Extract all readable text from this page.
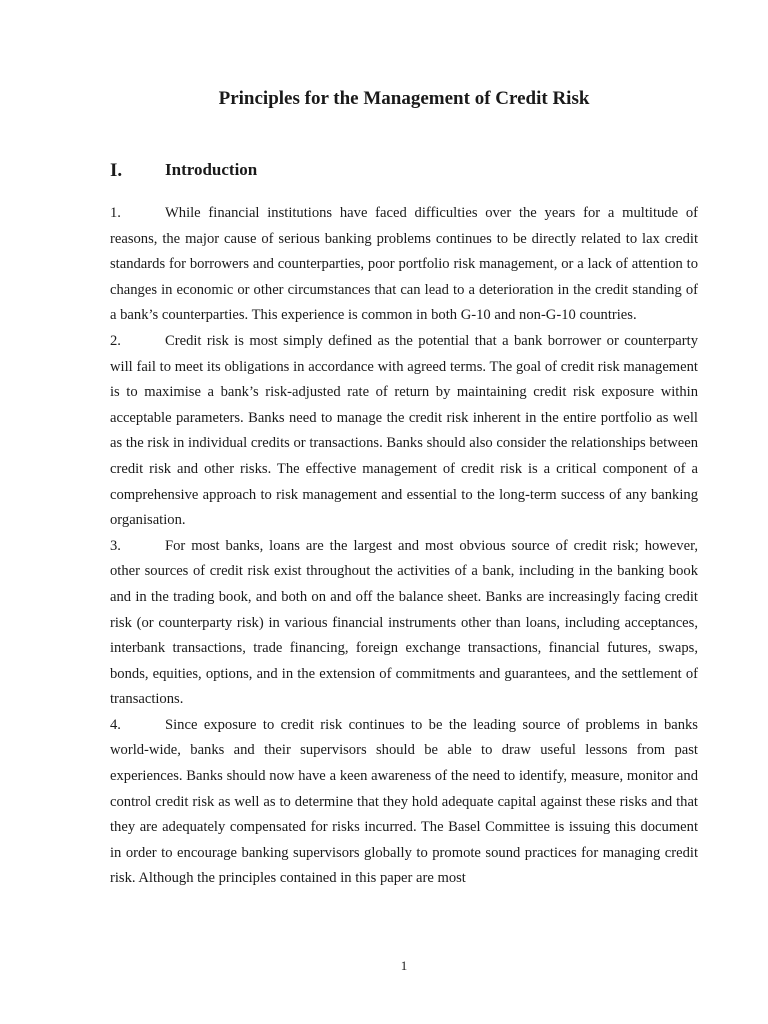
Principles for the Management of Credit Risk
I.	Introduction

1.	While financial institutions have faced difficulties over the years for a multitude of reasons, the major cause of serious banking problems continues to be directly related to lax credit standards for borrowers and counterparties, poor portfolio risk management, or a lack of attention to changes in economic or other circumstances that can lead to a deterioration in the credit standing of a bank’s counterparties. This experience is common in both G-10 and non-G-10 countries.

2.	Credit risk is most simply defined as the potential that a bank borrower or counterparty will fail to meet its obligations in accordance with agreed terms. The goal of credit risk management is to maximise a bank’s risk-adjusted rate of return by maintaining credit risk exposure within acceptable parameters. Banks need to manage the credit risk inherent in the entire portfolio as well as the risk in individual credits or transactions. Banks should also consider the relationships between credit risk and other risks. The effective management of credit risk is a critical component of a comprehensive approach to risk management and essential to the long-term success of any banking organisation.

3.	For most banks, loans are the largest and most obvious source of credit risk; however, other sources of credit risk exist throughout the activities of a bank, including in the banking book and in the trading book, and both on and off the balance sheet. Banks are increasingly facing credit risk (or counterparty risk) in various financial instruments other than loans, including acceptances, interbank transactions, trade financing, foreign exchange transactions, financial futures, swaps, bonds, equities, options, and in the extension of commitments and guarantees, and the settlement of transactions.

4.	Since exposure to credit risk continues to be the leading source of problems in banks world-wide, banks and their supervisors should be able to draw useful lessons from past experiences. Banks should now have a keen awareness of the need to identify, measure, monitor and control credit risk as well as to determine that they hold adequate capital against these risks and that they are adequately compensated for risks incurred. The Basel Committee is issuing this document in order to encourage banking supervisors globally to promote sound practices for managing credit risk. Although the principles contained in this paper are most

1
